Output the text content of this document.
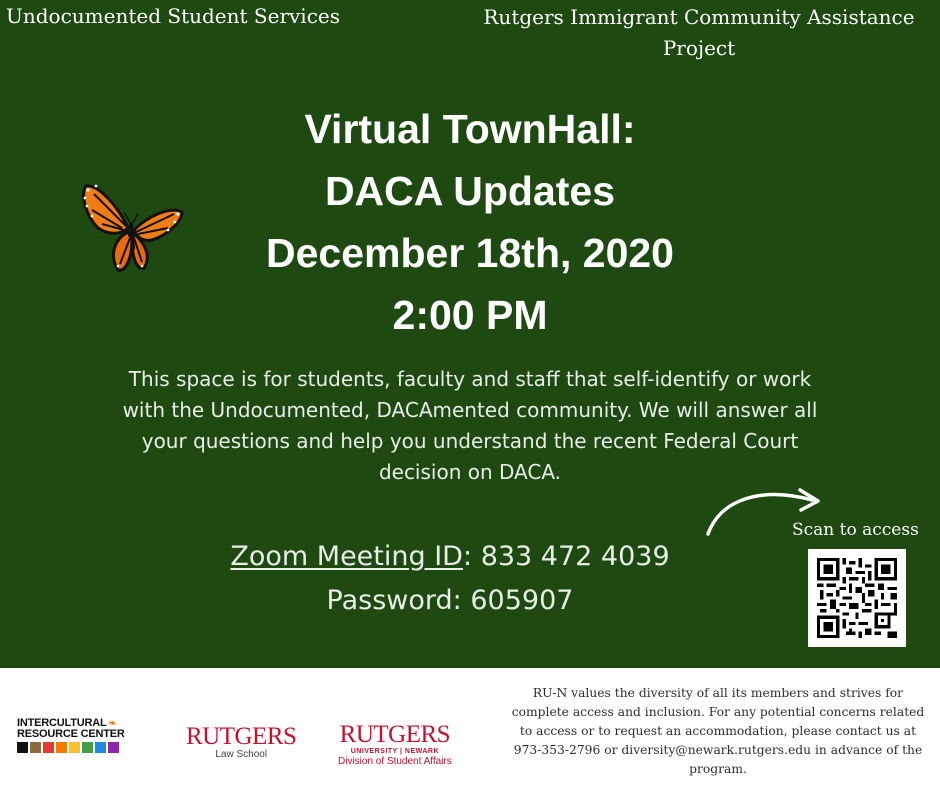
Undocumented Student Services	Rutgers Immigrant Community Assistance
Project
Virtual TownHall:
DACA Updates
December 18th, 2020
2:00 PM
This space is for students, faculty and staff that self-identify or work
with the Undocumented, DACAmented community. We will answer all
your questions and help you understand the recent Federal Court
decision on DACA.
Zoom Meeting ID: 833 472 4039
Password: 605907
Scan to access
INTERCULTURAL ❧
RESOURCE CENTER RUTGERS
Law School
RUTGERS
UNIVERSITY | NEWARK
Division of Student Affairs
RU-N values the diversity of all its members and strives for
complete access and inclusion. For any potential concerns related
to access or to request an accommodation, please contact us at
973-353-2796 or diversity@newark.rutgers.edu in advance of the
program.
